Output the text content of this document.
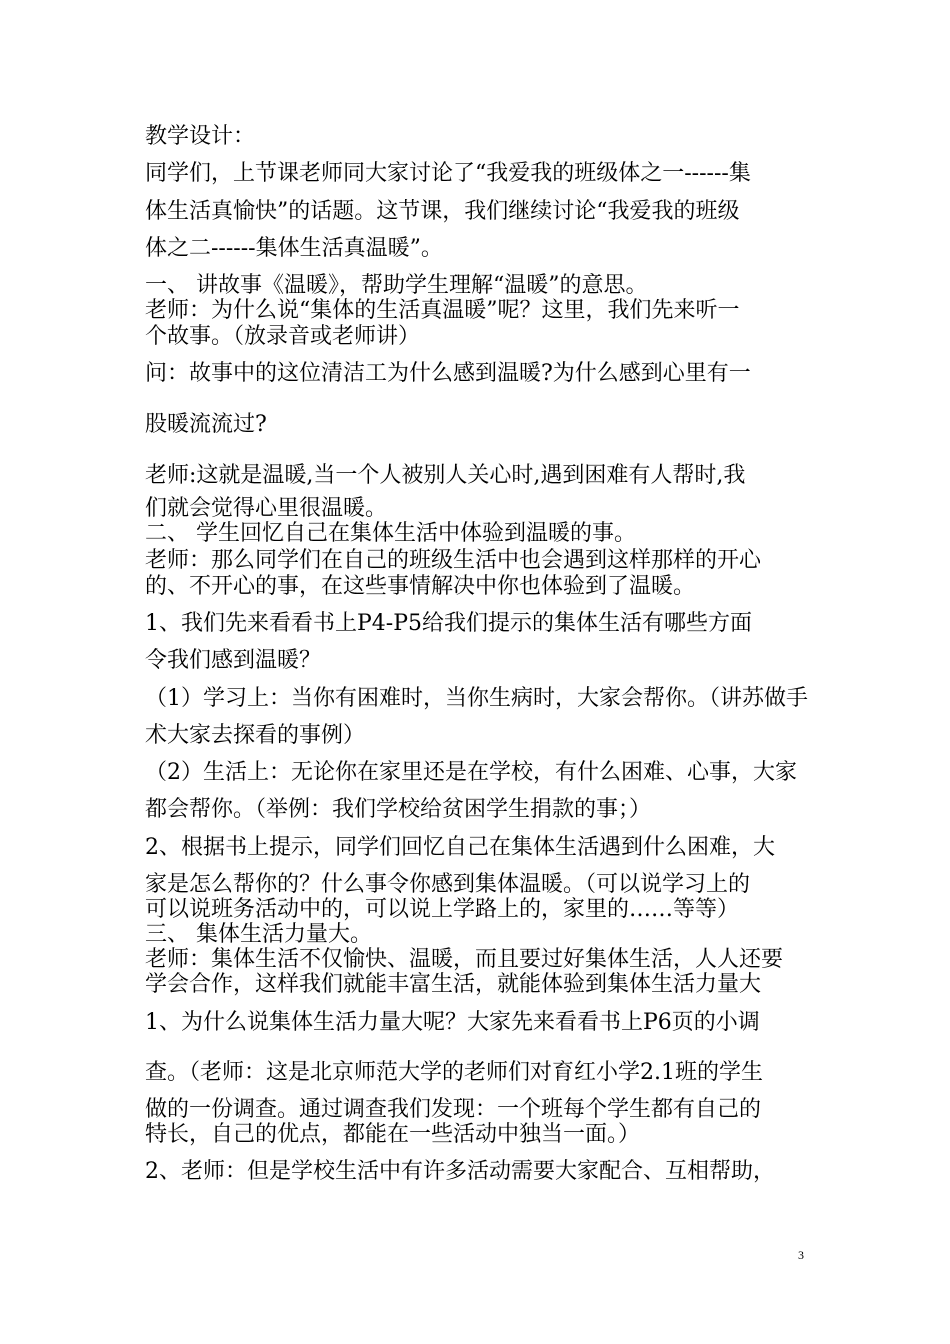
教学设计：
同学们，上节课老师同大家讨论了“我爱我的班级体之一------集
体生活真愉快”的话题。这节课，我们继续讨论“我爱我的班级
体之二------集体生活真温暖”。
一、 讲故事《温暖》，帮助学生理解“温暖”的意思。
老师：为什么说“集体的生活真温暖”呢？这里，我们先来听一
个故事。（放录音或老师讲）
问：故事中的这位清洁工为什么感到温暖?为什么感到心里有一
股暖流流过?
老师:这就是温暖,当一个人被别人关心时,遇到困难有人帮时,我
们就会觉得心里很温暖。
二、 学生回忆自己在集体生活中体验到温暖的事。
老师：那么同学们在自己的班级生活中也会遇到这样那样的开心
的、不开心的事，在这些事情解决中你也体验到了温暖。
1、我们先来看看书上P4-P5给我们提示的集体生活有哪些方面
令我们感到温暖？
（1）学习上：当你有困难时，当你生病时，大家会帮你。（讲苏做手
术大家去探看的事例）
（2）生活上：无论你在家里还是在学校，有什么困难、心事，大家
都会帮你。（举例：我们学校给贫困学生捐款的事；）
2、根据书上提示，同学们回忆自己在集体生活遇到什么困难，大
家是怎么帮你的？什么事令你感到集体温暖。（可以说学习上的
可以说班务活动中的，可以说上学路上的，家里的……等等）
三、 集体生活力量大。
老师：集体生活不仅愉快、温暖，而且要过好集体生活，人人还要
学会合作，这样我们就能丰富生活，就能体验到集体生活力量大
1、为什么说集体生活力量大呢？大家先来看看书上P6页的小调
查。（老师：这是北京师范大学的老师们对育红小学2.1班的学生
做的一份调查。通过调查我们发现：一个班每个学生都有自己的
特长，自己的优点，都能在一些活动中独当一面。）
2、老师：但是学校生活中有许多活动需要大家配合、互相帮助，
3
